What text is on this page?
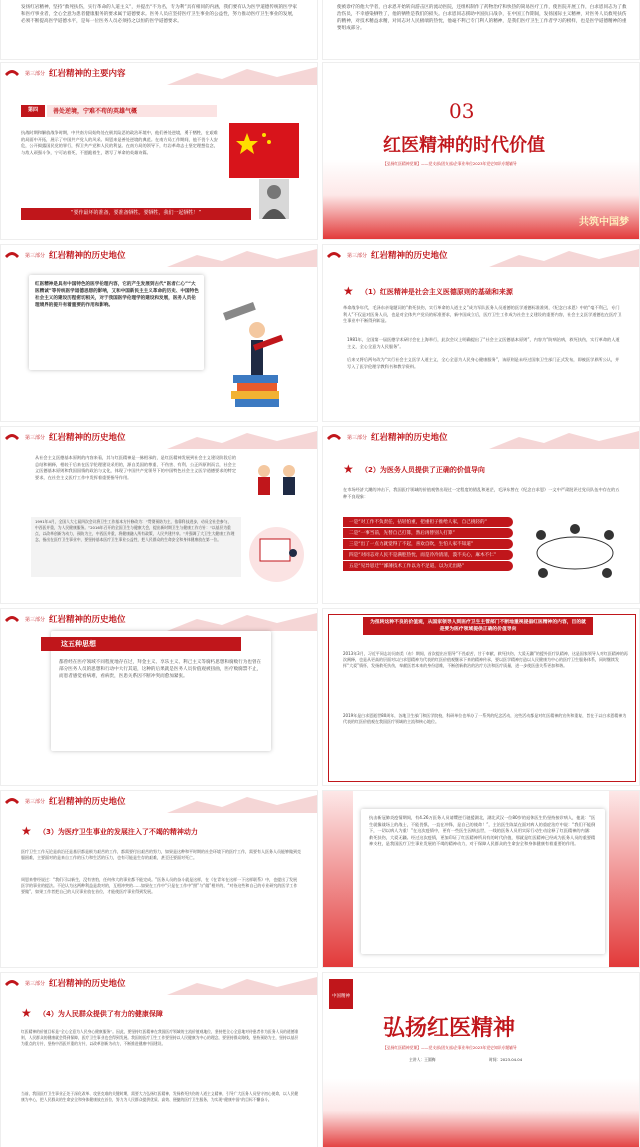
发扬红岩精神，坚持“救死扶伤，实行革命的人道主义”，并提出“不为名，专为利”具有相同的内涵，我们要有认为医学道德传统的医学家和医疗事业者，全心全意为患者健康服务的要求属于道德要求。医务人员应坚持医疗卫生事业的公益性，努力推动医疗卫生事业的发展，必须不断提高医学道德水平，是每一位医务人员必须持之以恒的医学道德要求。
使被诊疗的他大学者，白求恩开始转向游击区的流动医院，还组织制作了药物治疗和快热的简易医疗工作，使医院开展工作，白求恩同志为了救治伤员，不幸感染牺牲了，他的牺牲是我们的损失。白求恩同志援助中国抗日战争，在中国工作期间，发扬国际主义精神，对医务人员救死扶伤的精神，对技术精益求精，对同志对人民极端的热忱，他毫不利己专门利人的精神，是我们医疗卫生工作者学习的榜样，也是医学道德精神的重要组成部分。
第三部分 红岩精神的主要内容
第四	善处逆境，宁难不苟的英雄气概
抗战时期和解放战争时期，中共南方局始终处在极其险恶的政治环境中，他们善处逆境，勇于牺牲，在艰难的局面中开拓，展示了中国共产党人的风采。周恩来是善处逆境的典范。在南方局工作期间，他不畏个人安危，公开揭露国民党的罪行，捍卫共产党和人民的利益。在南方局的领导下，红岩革命志士坚定理想信念，与敌人顽强斗争，宁可站着死，不愿跪着生，谱写了革命的英雄诗篇。
“要作最坏的准备，要准备牺牲。要牺牲，我们一起牺牲！”
03
红医精神的时代价值
【弘扬红医精神党课】——党支部/团支部/企事业单位2023年党史知识专题辅导
共筑中国梦
第三部分 红岩精神的历史地位
红医精神是具有中国特色的医学伦理内容，它的产生发展到古代“医者仁心”“大医精诚”等传统医学道德思想的影响，又和中国新民主主义革命的历史、中国特色社会主义的建设历程密切相关，对于我国医学伦理学的建设和发展，医务人员伦理境界的提升有着重要的作用和影响。
第三部分 红岩精神的历史地位
★ （1）红医精神是社会主义医德原则的基础和来源
革命战争年代，毛泽东亲笔题词的“救死扶伤，实行革命的人道主义”成为军队医务人员道德的医学道德标准准则，《纪念白求恩》中的“毫不利己，专门利人”不仅是对医务人员，也是对全体共产党员的标准要求，新中国成立后，医疗卫生工作成为社会主义建设的重要内容，社会主义医学道德也在医疗卫生事业中不断得到彰显。
1981年，全国第一届医德学术研讨会在上海举行，此次会议上明确提出了“社会主义医德基本原则”，内容为“防病治病，救死扶伤，实行革命的人道主义，全心全意为人民服务”。
后来又将后两句改为“实行社会主义医学人道主义，全心全意为人民身心健康服务”，该原则是未经过国家卫生部门正式发布，即被医学界所公认，并写入了医学伦理学教科书和教学资料。
第三部分 红岩精神的历史地位
从社会主义医德基本原则的内容来看，其与红医精神是一脉相承的，是红医精神发展到社会主义建设阶段后的总结和阐释，相较于后来在医学伦理建设采用的，源自美国的尊重、不伤害、有利、公正四原则而言，社会主义医德基本原则和我国国情的政治与文化，体现了中国共产党领导下的中国特色社会主义医学道德要求的特定要求，在社会主义医疗工作中发挥着重要指导作用。
1991年4月，全国人大七届四次会议将卫生工作基本方针修改为：“贯彻预防为主，依靠科技进步，动员全社会参与，中西医并重，为人民健康服务。”2016年召开的全国卫生与健康大会，提出新时期卫生与健康工作方针：“以基层为重点，以改革创新为动力，预防为主，中西医并重，将健康融入所有政策，人民共建共享。”并强调了大卫生大健康工作理念，指出在医疗卫生事业中，要坚持基本医疗卫生事业公益性，把人民群众的生命安全和身体健康放在第一位。
第三部分 红岩精神的历史地位
★ （2）为医务人员提供了正确的价值导向
在市场经济大潮的冲击下，我国医疗领域的价值观曾出现过一定程度的错乱和迷茫，毛泽东曾在《纪念白求恩》一文中严肃批评过党员队伍中存在的五种不良现象：
一是“对工作不负责任，拈轻怕重，把重担子推给人家，自己挑轻的”
二是“一事当前，先替自己打算，然后再替别人打算”
三是“出了一点力就觉得了不起，喜欢自吹，生怕人家不知道”
四是“对同志对人民不是满腔热忱，而是冷冷清清，漠不关心，麻木不仁”
五是“见异思迁”“鄙薄技术工作以为不足道，以为无出路”
第三部分 红岩精神的历史地位
这五种思想
都曾经在医疗领域不同程度地存在过，拜金主义、享乐主义、利己主义等腐朽思想和腐败行为也曾在部分医务人员的思想和行动中大行其道，这种的后果就是医务人员价值观被扭曲，医疗败腐禁不止，而患者感觉看病难，看病贵，医患关系因不断冲突而愈加紧张。
为扭转这种不良的价值观，从国家领导人到医疗卫生主管部门不断地重视提倡红医精神的内容，目的就是要为医疗领域提供正确的价值导向
2013年3月，习近平同志访问南美（布）期间，首次提出应倡导“不畏艰苦，甘于奉献，救死扶伤，大爱无疆”的援外医疗队精神，这是国家领导人对红医精神的再次阐释，也是从更高的层面对以白求恩精神为代表的红医价值观继承下来的精神传承，要以医学精神打造以人民健康为中心的医疗卫生服务体系，同时继续发挥“大爱”情怀，发扬救死扶伤，奉献医者本来的身份思维，不断创新救治的治疗方法和医疗质量，进一步使医患关系更加和谐。
2019年是白求恩逝世80周年，各地卫生部门和医学院校，科研单位也举办了一系列的纪念活动，这些活动都是对红医精神的宣传和重复，旨在于以白求恩精神为代表的红医价值观在我国医疗领域的主流和核心地位。
第三部分 红岩精神的历史地位
★ （3）为医疗卫生事业的发展注入了不竭的精神动力
医疗卫生工作无论是前沿还是基层都是极为艰苦的工作，都需要付出艰苦的努力，如果是这种和平时期的社会环境下的医疗工作，需要有人医务人员能够做到克服困难，主要面对的是来自工作的压力和生活的压力，也有可能是生存的艰难，甚至还要面对死亡。
周恩来曾经说过：“我们可以新生，没有害怕，任何伟大的事业都不能完成。”医务人员的奋斗就是这样，在《在青年在这样一下这样联系》中，也提出了发展医学的事业的提法。不论认为这两种利益是敌对的，互相冲突的……如果在工作中“只是在工作中“照”与“做”相并的，“对待这些和自己的专业研究的医学工作要做”，如果工作者把自己的人民事业放在首位，才能使医疗事业得到发展。
抗击新冠肺炎疫情期间，有4.26万医务人员请缨逆行驰援湖北，湖北武汉一位80岁的退休医生仍坚持接诊病人，他说：“医生就像战场上的战士，不能畏惧，一直在冲锋，是自己的使命！”，主治医生陈某在面对病人的重症治疗中说：“我们不能倒下，一切以病人为重！”在这次疫情中，更有一些医生因病去世，一线的医务人员用实际行动生动诠释了红医精神的内涵：救死扶伤，大爱无疆。经过这次疫情，更加印证了红医精神所具有的时代价值，那就是红医精神已经成为医务人员的重要精神支柱，是我国医疗卫生事业发展的不竭的精神动力，对于保障人民群众的生命安全和身体健康有着重要的作用。
第三部分 红岩精神的历史地位
★ （4）为人民群众提供了有力的健康保障
红医精神的价值目标是“全心全意为人民身心健康服务”。因此，要坚持红医精神在我国医疗领域的主流价值观地位，坚持把全心全意地对待患者作为医务人员的道德准则，人民群众的健康就会得到保障，医疗卫生事业也会得到发展。我国的医疗卫生工作要坚持以人民健康为中心的理念，要坚持群众路线，坚持预防为主，坚持以基层为重点的方针，坚持中西医并重的方针，以改革创新为动力，不断推进健康中国建设。
当前，我国医疗卫生事业正处于深化改革、攻坚克难的关键时期，需要大力弘扬红医精神，发扬救死扶伤的人道主义精神，引导广大医务人员坚守初心使命，以人民健康为中心，把人民群众的生命安全和身体健康放在首位，努力为人民群众提供优质、高效、便捷的医疗卫生服务，为实现“健康中国”的目标不懈奋斗。
中国精神
弘扬红医精神
【弘扬红医精神党课】——党支部/团支部/企事业单位2023年党史知识专题辅导
主讲人：王圆梅	时间：2023.04.04
